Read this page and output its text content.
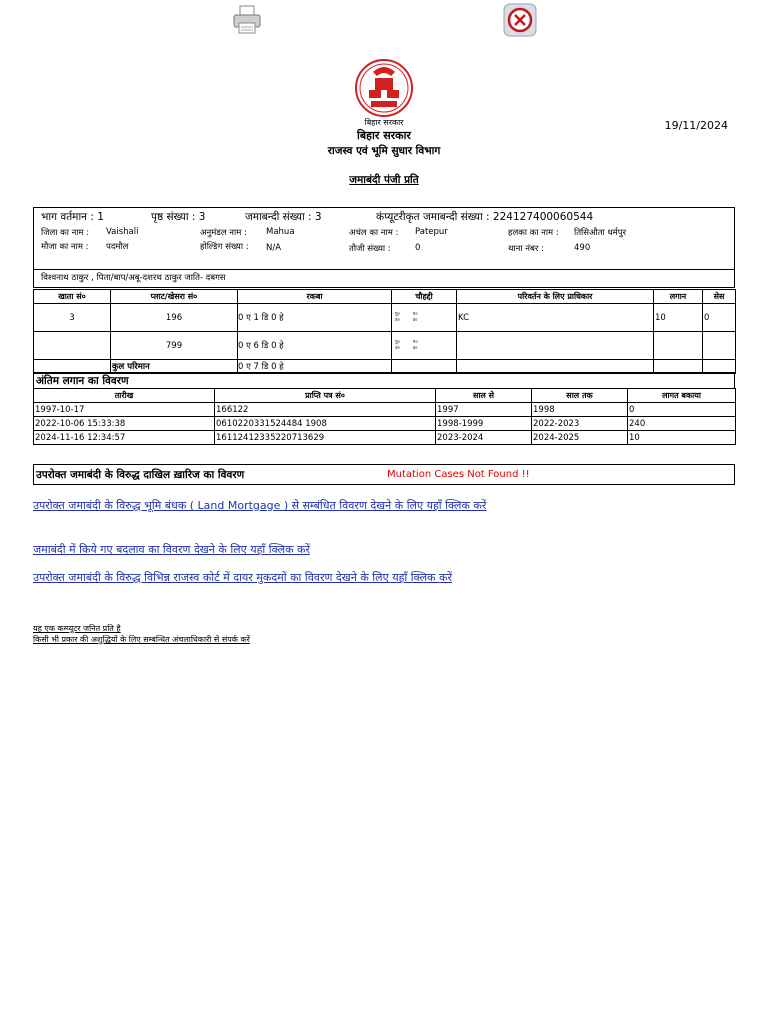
बिहार सरकार
बिहार सरकार
राजस्व एवं भूमि सुधार विभाग
19/11/2024
जमाबंदी पंजी प्रति
भाग वर्तमान : 1	पृष्ठ संख्या : 3	जमाबन्दी संख्या : 3	कंप्यूटरीकृत जमाबन्दी संख्या : 224127400060544
जिला का नाम : Vaishali	अनुमंडल नाम : Mahua	अचंल का नाम : Patepur	हलका का नाम : तिसिऔता धर्मपुर
मौजा का नाम : पदमौल	होल्डिंग संख्या : N/A	तौजी संख्या :	0	थाना नंबर :	490
विश्वनाथ ठाकुर , पिता/बाप/अबू-दशरथ ठाकुर जाति- दबगस
खाता सं०	प्लाट/खेसरा सं०	रकबा	चौहद्दी	परिवर्तन के लिए प्राधिकार	लगान	सेस
3	196	0 ए 1 डि 0 हे	पु० प०
उ० द०	KC	10	0
	799	0 ए 6 डि 0 हे	पु० प०
उ० द०			

	कुल परिमान	0 ए 7 डि 0 हे				
अंतिम लगान का विवरण
तारीख	प्राप्ति पत्र सं०	साल से	साल तक	लागत बकाया
1997-10-17	166122	1997	1998	0
2022-10-06 15:33:38	0610220331524484 1908	1998-1999	2022-2023	240
2024-11-16 12:34:57	16112412335220713629	2023-2024	2024-2025	10
उपरोक्त जमाबंदी के विरुद्ध दाखिल ख़ारिज का विवरण	Mutation Cases Not Found !!
उपरोक्त जमाबंदी के विरुद्ध भूमि बंधक ( Land Mortgage ) से सम्बंधित विवरण देखने के लिए यहाँ क्लिक करें
जमाबंदी में किये गए बदलाव का विवरण देखने के लिए यहाँ क्लिक करें
उपरोक्त जमाबंदी के विरुद्ध विभिन्न राजस्व कोर्ट में दायर मुकदमों का विवरण देखने के लिए यहाँ क्लिक करें
यह एक कम्प्यूटर जनित प्रति है
किसी भी प्रकार की अशुद्धियों के लिए सम्बन्धित अंचलाधिकारी से संपर्क करें
